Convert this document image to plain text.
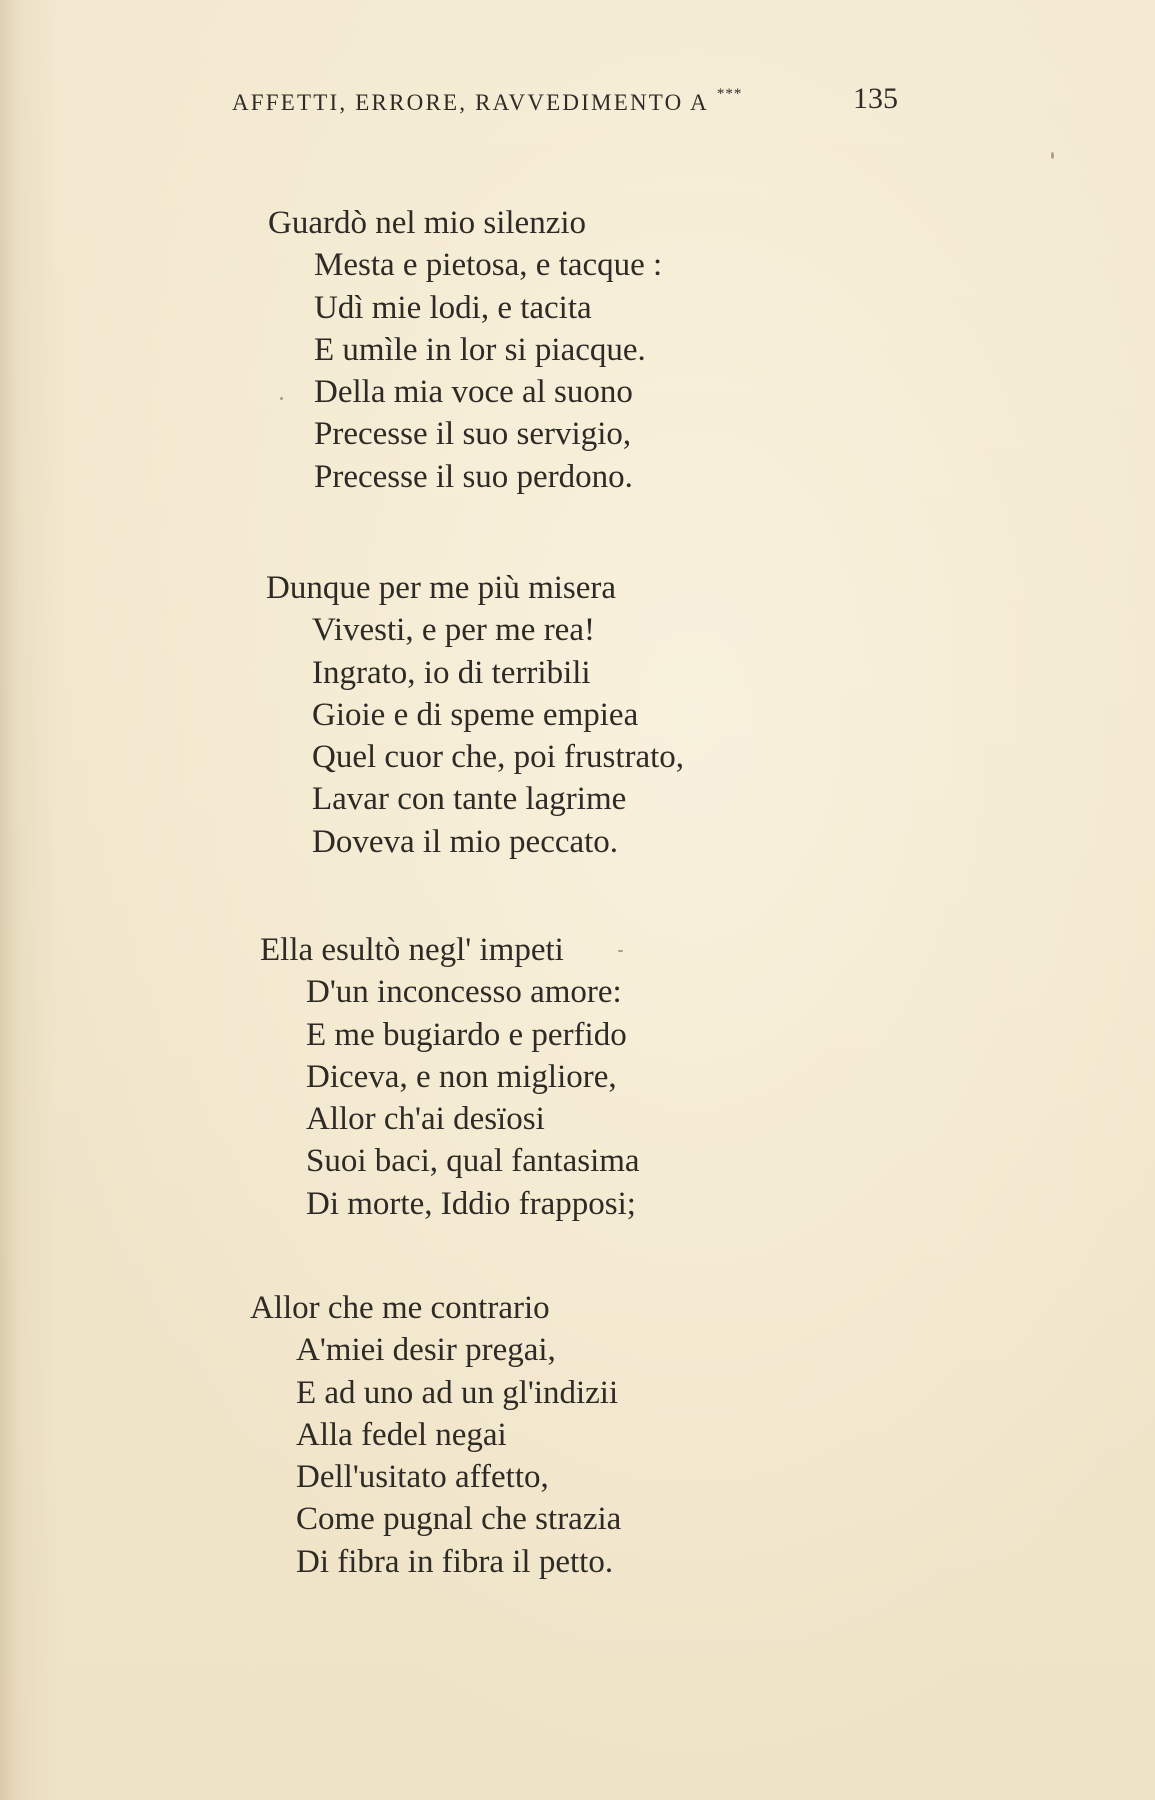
AFFETTI, ERRORE, RAVVEDIMENTO A ***	135
Guardò nel mio silenzio
Mesta e pietosa, e tacque :
Udì mie lodi, e tacita
E umìle in lor si piacque.
Della mia voce al suono
Precesse il suo servigio,
Precesse il suo perdono.
Dunque per me più misera
Vivesti, e per me rea!
Ingrato, io di terribili
Gioie e di speme empiea
Quel cuor che, poi frustrato,
Lavar con tante lagrime
Doveva il mio peccato.
Ella esultò negl' impeti
D'un inconcesso amore:
E me bugiardo e perfido
Diceva, e non migliore,
Allor ch'ai desïosi
Suoi baci, qual fantasima
Di morte, Iddio frapposi;
Allor che me contrario
A'miei desir pregai,
E ad uno ad un gl'indizii
Alla fedel negai
Dell'usitato affetto,
Come pugnal che strazia
Di fibra in fibra il petto.
